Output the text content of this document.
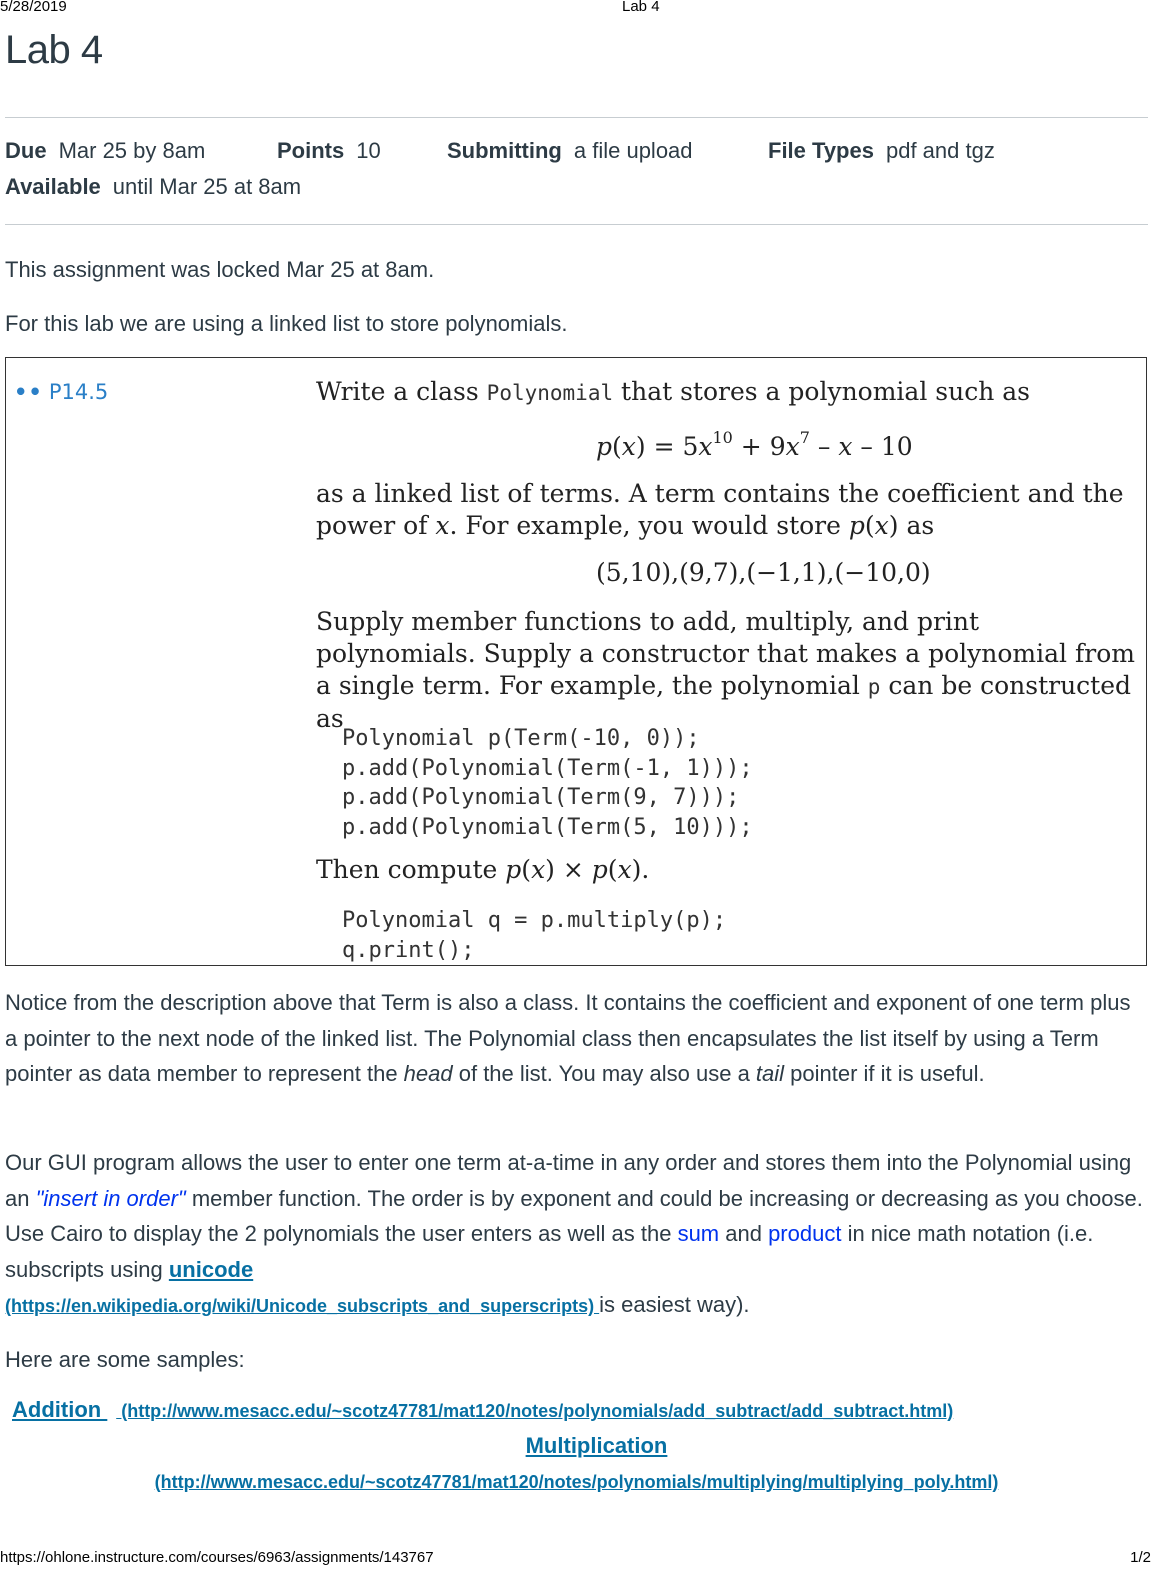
5/28/2019	Lab 4
Lab 4
Due Mar 25 by 8am	Points 10	Submitting a file upload	File Types pdf and tgz
Available until Mar 25 at 8am

This assignment was locked Mar 25 at 8am.

For this lab we are using a linked list to store polynomials.

•• P14.5	Write a class Polynomial that stores a polynomial such as

$p(x) = 5x^{10} + 9x^7 - x - 10$

as a linked list of terms. A term contains the coefficient and the power of x. For example, you would store p(x) as

(5,10),(9,7),(−1,1),(−10,0)

Supply member functions to add, multiply, and print polynomials. Supply a constructor that makes a polynomial from a single term. For example, the polynomial p can be constructed as

Polynomial p(Term(-10, 0));
p.add(Polynomial(Term(-1, 1)));
p.add(Polynomial(Term(9, 7)));
p.add(Polynomial(Term(5, 10)));

Then compute p(x) × p(x).

Polynomial q = p.multiply(p);
q.print();

Notice from the description above that Term is also a class. It contains the coefficient and exponent of one term plus a pointer to the next node of the linked list. The Polynomial class then encapsulates the list itself by using a Term pointer as data member to represent the head of the list. You may also use a tail pointer if it is useful.

Our GUI program allows the user to enter one term at-a-time in any order and stores them into the Polynomial using an "insert in order" member function. The order is by exponent and could be increasing or decreasing as you choose. Use Cairo to display the 2 polynomials the user enters as well as the sum and product in nice math notation (i.e. subscripts using unicode
(https://en.wikipedia.org/wiki/Unicode_subscripts_and_superscripts) is easiest way).

Here are some samples:

Addition    (http://www.mesacc.edu/~scotz47781/mat120/notes/polynomials/add_subtract/add_subtract.html)
Multiplication
(http://www.mesacc.edu/~scotz47781/mat120/notes/polynomials/multiplying/multiplying_poly.html)
https://ohlone.instructure.com/courses/6963/assignments/143767	1/2
